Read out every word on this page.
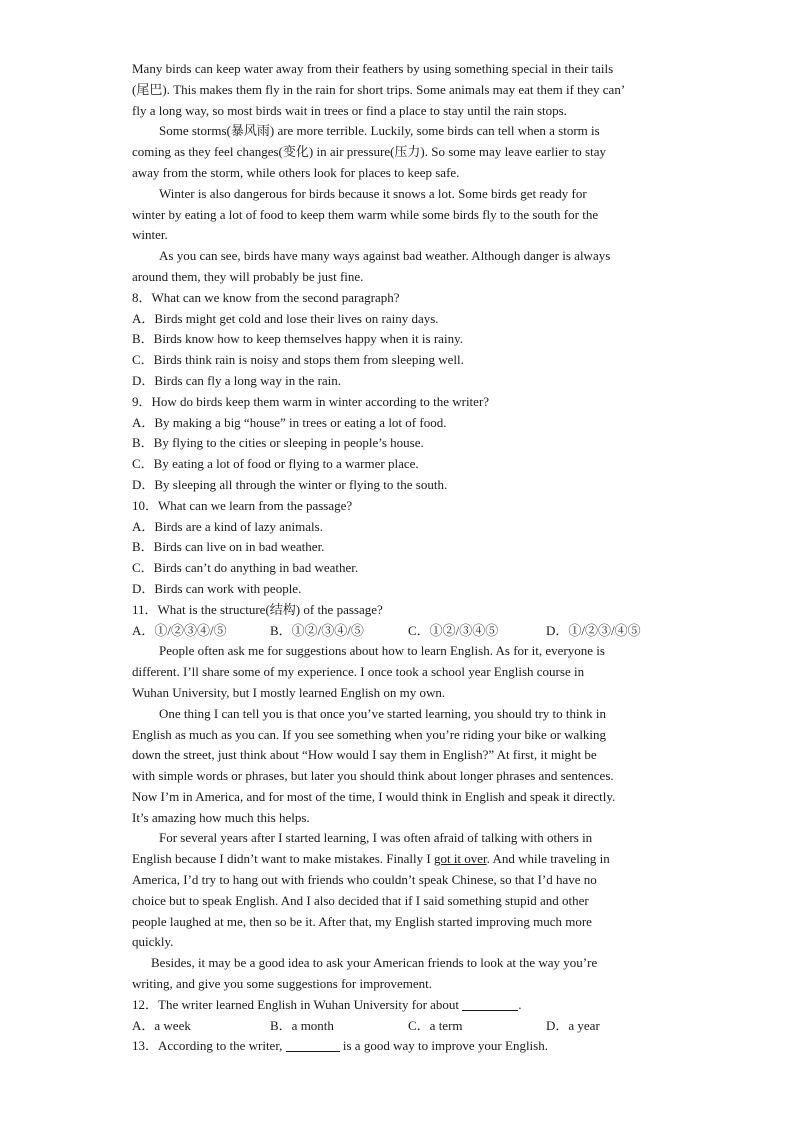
Many birds can keep water away from their feathers by using something special in their tails
(尾巴). This makes them fly in the rain for short trips. Some animals may eat them if they can’
fly a long way, so most birds wait in trees or find a place to stay until the rain stops.
Some storms(暴风雨) are more terrible. Luckily, some birds can tell when a storm is
coming as they feel changes(变化) in air pressure(压力). So some may leave earlier to stay
away from the storm, while others look for places to keep safe.
Winter is also dangerous for birds because it snows a lot. Some birds get ready for
winter by eating a lot of food to keep them warm while some birds fly to the south for the
winter.
As you can see, birds have many ways against bad weather. Although danger is always
around them, they will probably be just fine.
8．What can we know from the second paragraph?
A．Birds might get cold and lose their lives on rainy days.
B．Birds know how to keep themselves happy when it is rainy.
C．Birds think rain is noisy and stops them from sleeping well.
D．Birds can fly a long way in the rain.
9．How do birds keep them warm in winter according to the writer?
A．By making a big “house” in trees or eating a lot of food.
B．By flying to the cities or sleeping in people’s house.
C．By eating a lot of food or flying to a warmer place.
D．By sleeping all through the winter or flying to the south.
10．What can we learn from the passage?
A．Birds are a kind of lazy animals.
B．Birds can live on in bad weather.
C．Birds can’t do anything in bad weather.
D．Birds can work with people.
11．What is the structure(结构) of the passage?
A．①/②③④/⑤	B．①②/③④/⑤	C．①②/③④⑤	D．①/②③/④⑤
People often ask me for suggestions about how to learn English. As for it, everyone is
different. I’ll share some of my experience. I once took a school year English course in
Wuhan University, but I mostly learned English on my own.
One thing I can tell you is that once you’ve started learning, you should try to think in
English as much as you can. If you see something when you’re riding your bike or walking
down the street, just think about “How would I say them in English?” At first, it might be
with simple words or phrases, but later you should think about longer phrases and sentences.
Now I’m in America, and for most of the time, I would think in English and speak it directly.
It’s amazing how much this helps.
For several years after I started learning, I was often afraid of talking with others in
English because I didn’t want to make mistakes. Finally I got it over. And while traveling in
America, I’d try to hang out with friends who couldn’t speak Chinese, so that I’d have no
choice but to speak English. And I also decided that if I said something stupid and other
people laughed at me, then so be it. After that, my English started improving much more
quickly.
Besides, it may be a good idea to ask your American friends to look at the way you’re
writing, and give you some suggestions for improvement.
12．The writer learned English in Wuhan University for about	.
A．a week	B．a month	C．a term	D．a year
13．According to the writer,	is a good way to improve your English.
